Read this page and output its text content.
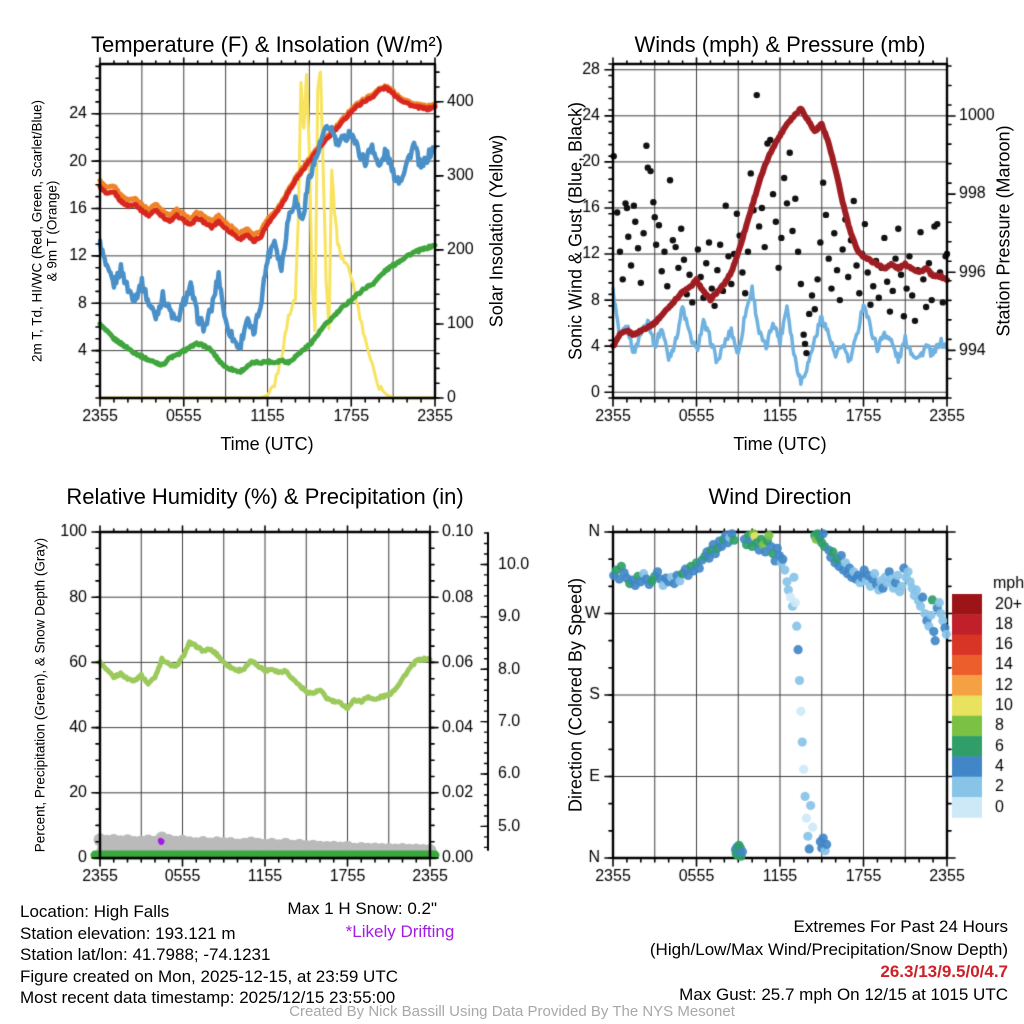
Temperature (F) & Insolation (W/m²)	Winds (mph) & Pressure (mb)
Relative Humidity (%) & Precipitation (in)	Wind Direction
2m T, Td, HI/WC (Red, Green, Scarlet/Blue) & 9m T (Orange)	Solar Insolation (Yellow)	Sonic Wind & Gust (Blue, Black)	Station Pressure (Maroon)
Percent, Precipitation (Green), & Snow Depth (Gray)	Direction (Colored By Speed)
Time (UTC)	Time (UTC)
Location: High Falls
Station elevation: 193.121 m
Station lat/lon: 41.7988; -74.1231
Figure created on Mon, 2025-12-15, at 23:59 UTC
Most recent data timestamp: 2025/12/15 23:55:00
Max 1 H Snow: 0.2"
*Likely Drifting	Extremes For Past 24 Hours
(High/Low/Max Wind/Precipitation/Snow Depth)
26.3/13/9.5/0/4.7
Max Gust: 25.7 mph On 12/15 at 1015 UTC
Created By Nick Bassill Using Data Provided By The NYS Mesonet
